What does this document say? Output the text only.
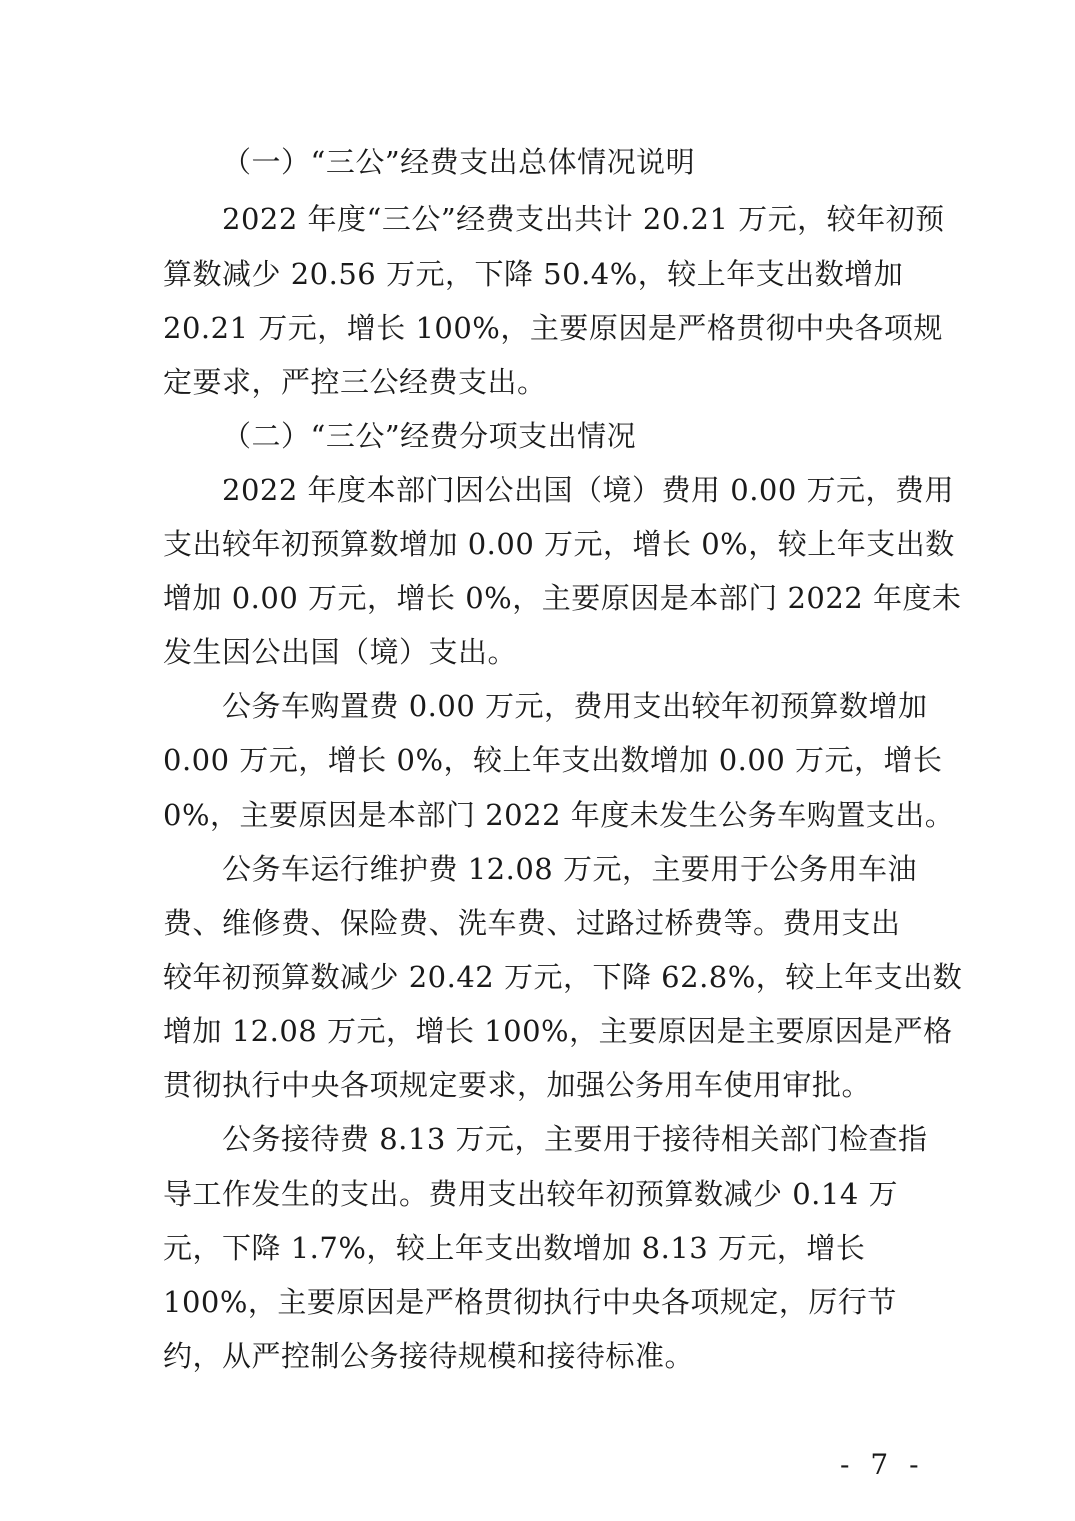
（一）“三公”经费支出总体情况说明
2022 年度“三公”经费支出共计 20.21 万元，较年初预
算数减少 20.56 万元，下降 50.4%，较上年支出数增加
20.21 万元，增长 100%，主要原因是严格贯彻中央各项规
定要求，严控三公经费支出。
（二）“三公”经费分项支出情况
2022 年度本部门因公出国（境）费用 0.00 万元，费用
支出较年初预算数增加 0.00 万元，增长 0%，较上年支出数
增加 0.00 万元，增长 0%，主要原因是本部门 2022 年度未
发生因公出国（境）支出。
公务车购置费 0.00 万元，费用支出较年初预算数增加
0.00 万元，增长 0%，较上年支出数增加 0.00 万元，增长
0%，主要原因是本部门 2022 年度未发生公务车购置支出。
公务车运行维护费 12.08 万元，主要用于公务用车油
费、维修费、保险费、洗车费、过路过桥费等。费用支出
较年初预算数减少 20.42 万元，下降 62.8%，较上年支出数
增加 12.08 万元，增长 100%，主要原因是主要原因是严格
贯彻执行中央各项规定要求，加强公务用车使用审批。
公务接待费 8.13 万元，主要用于接待相关部门检查指
导工作发生的支出。费用支出较年初预算数减少 0.14 万
元，下降 1.7%，较上年支出数增加 8.13 万元，增长
100%，主要原因是严格贯彻执行中央各项规定，厉行节
约，从严控制公务接待规模和接待标准。
- 7 -
